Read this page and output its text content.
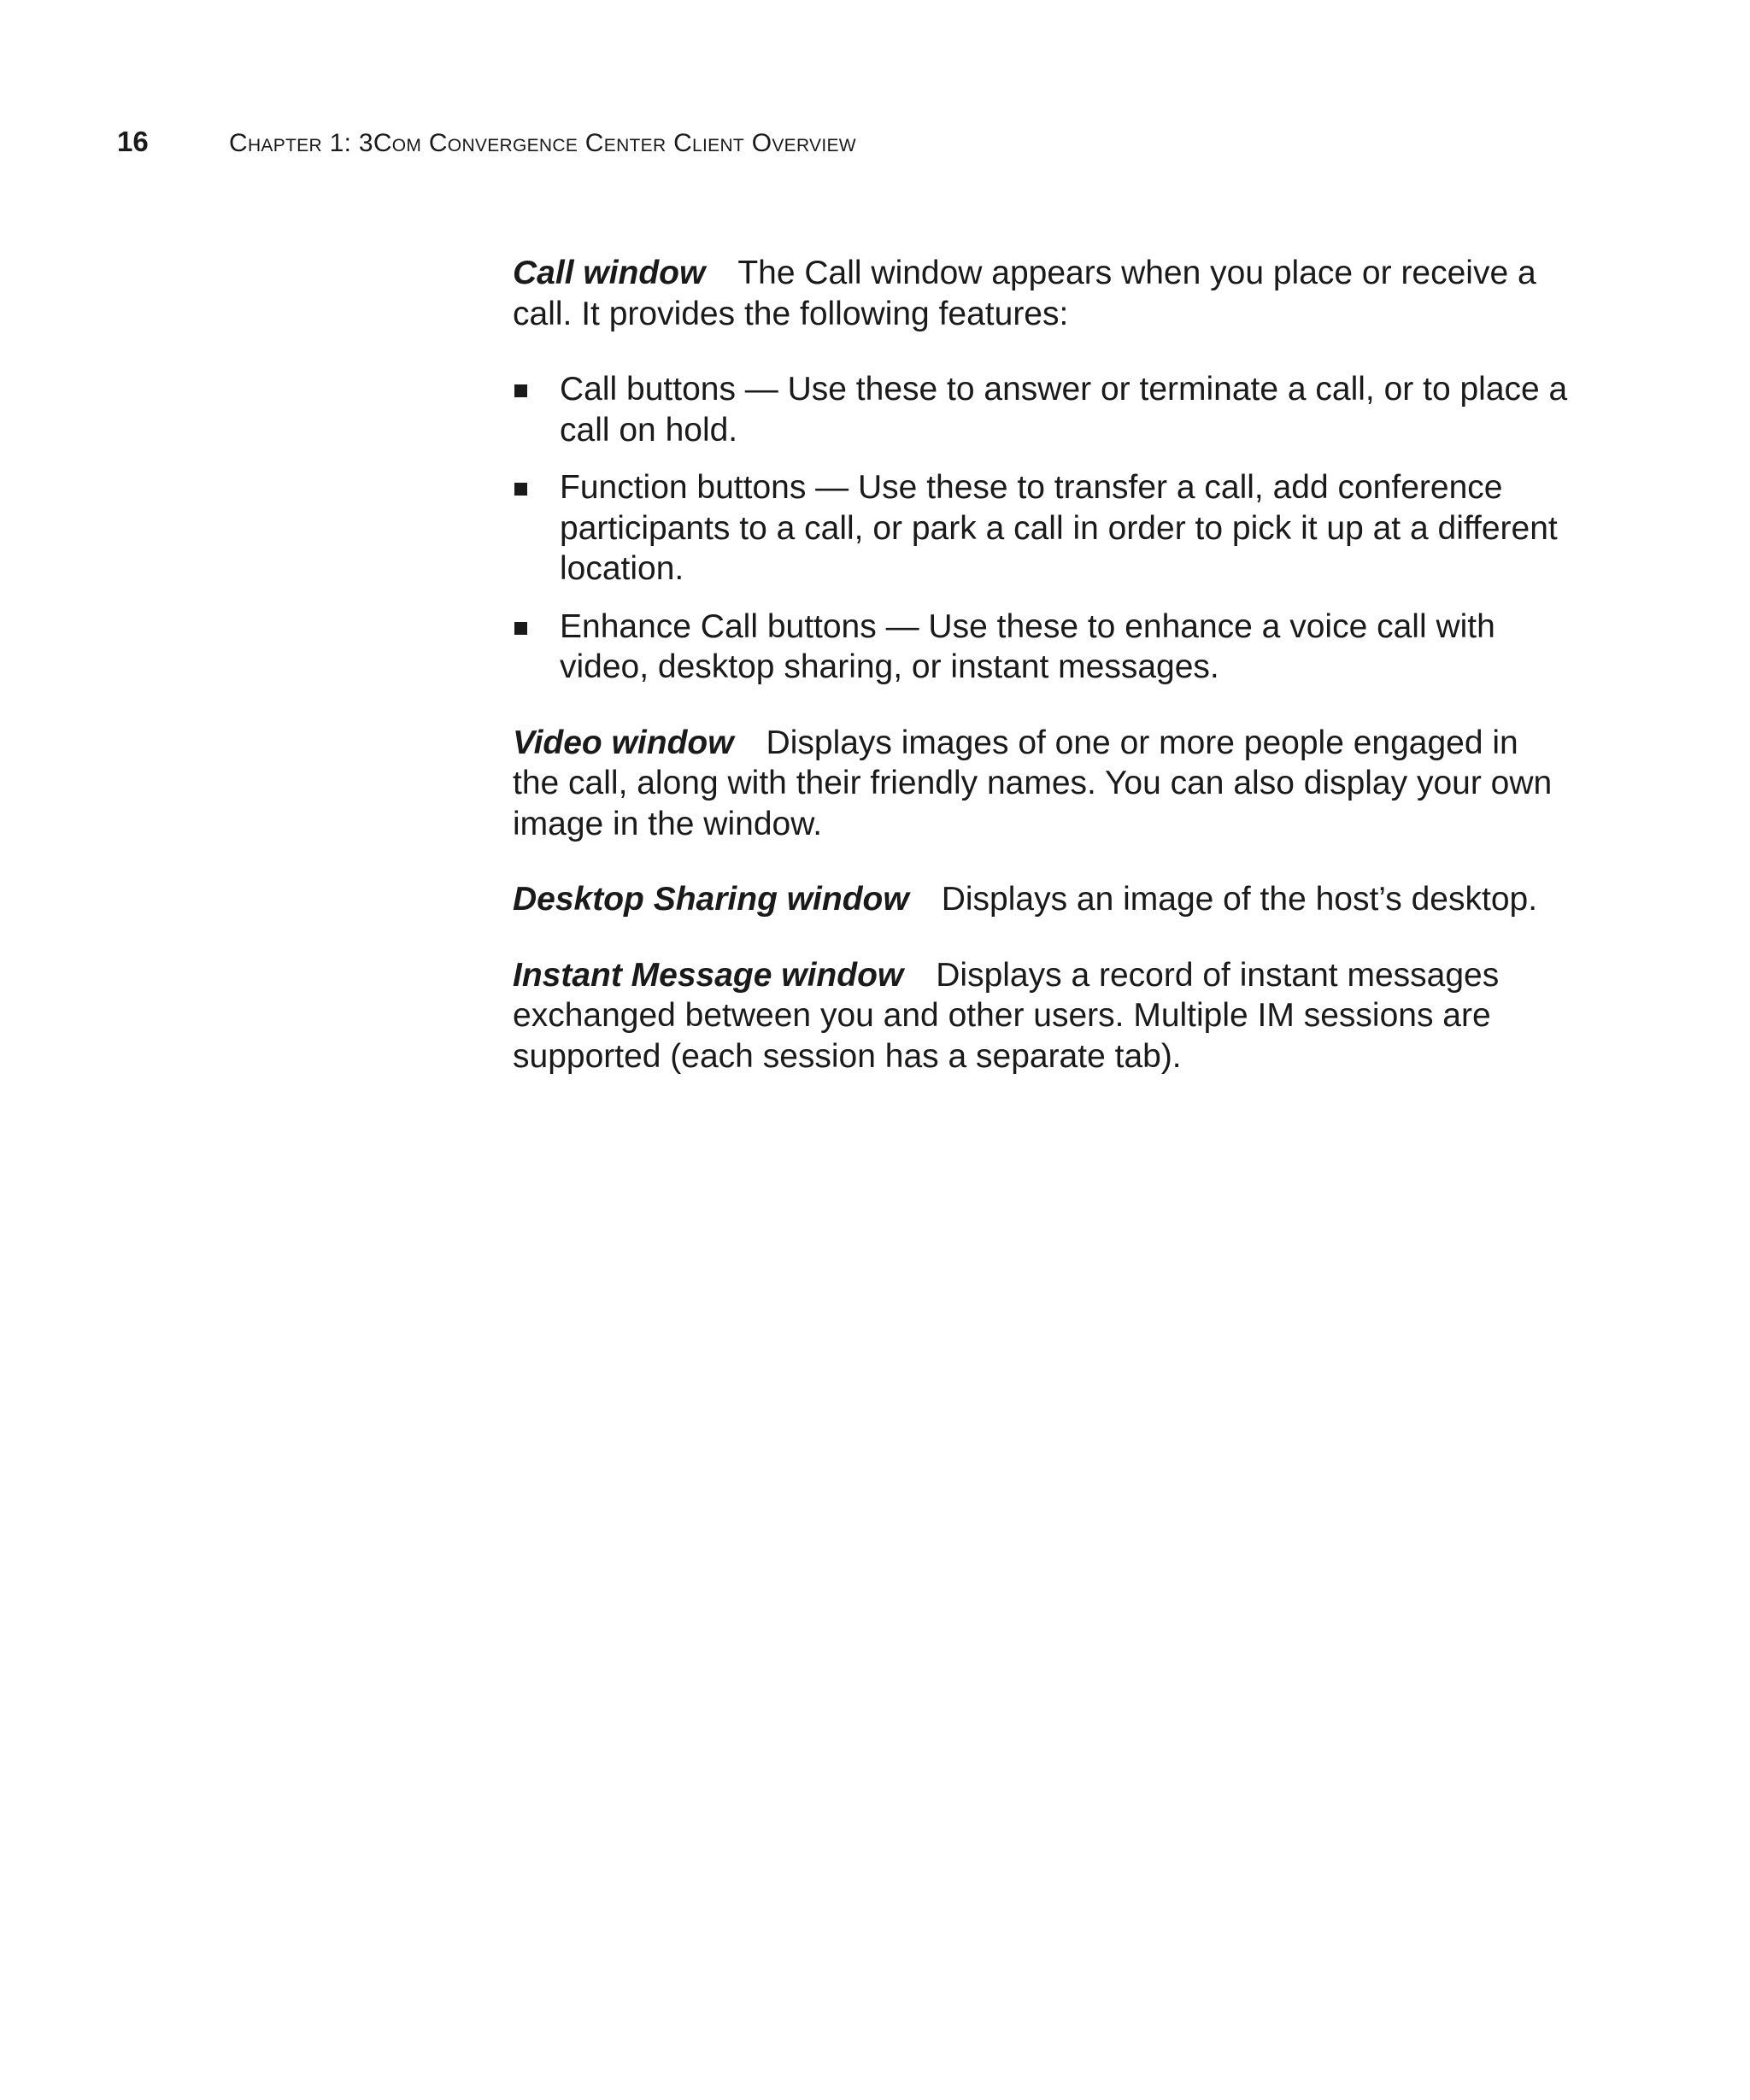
16	Chapter 1: 3Com Convergence Center Client Overview

Call window The Call window appears when you place or receive a call. It provides the following features:

Call buttons — Use these to answer or terminate a call, or to place a call on hold.
Function buttons — Use these to transfer a call, add conference participants to a call, or park a call in order to pick it up at a different location.
Enhance Call buttons — Use these to enhance a voice call with video, desktop sharing, or instant messages.

Video window Displays images of one or more people engaged in the call, along with their friendly names. You can also display your own image in the window.

Desktop Sharing window Displays an image of the host’s desktop.

Instant Message window Displays a record of instant messages exchanged between you and other users. Multiple IM sessions are supported (each session has a separate tab).
